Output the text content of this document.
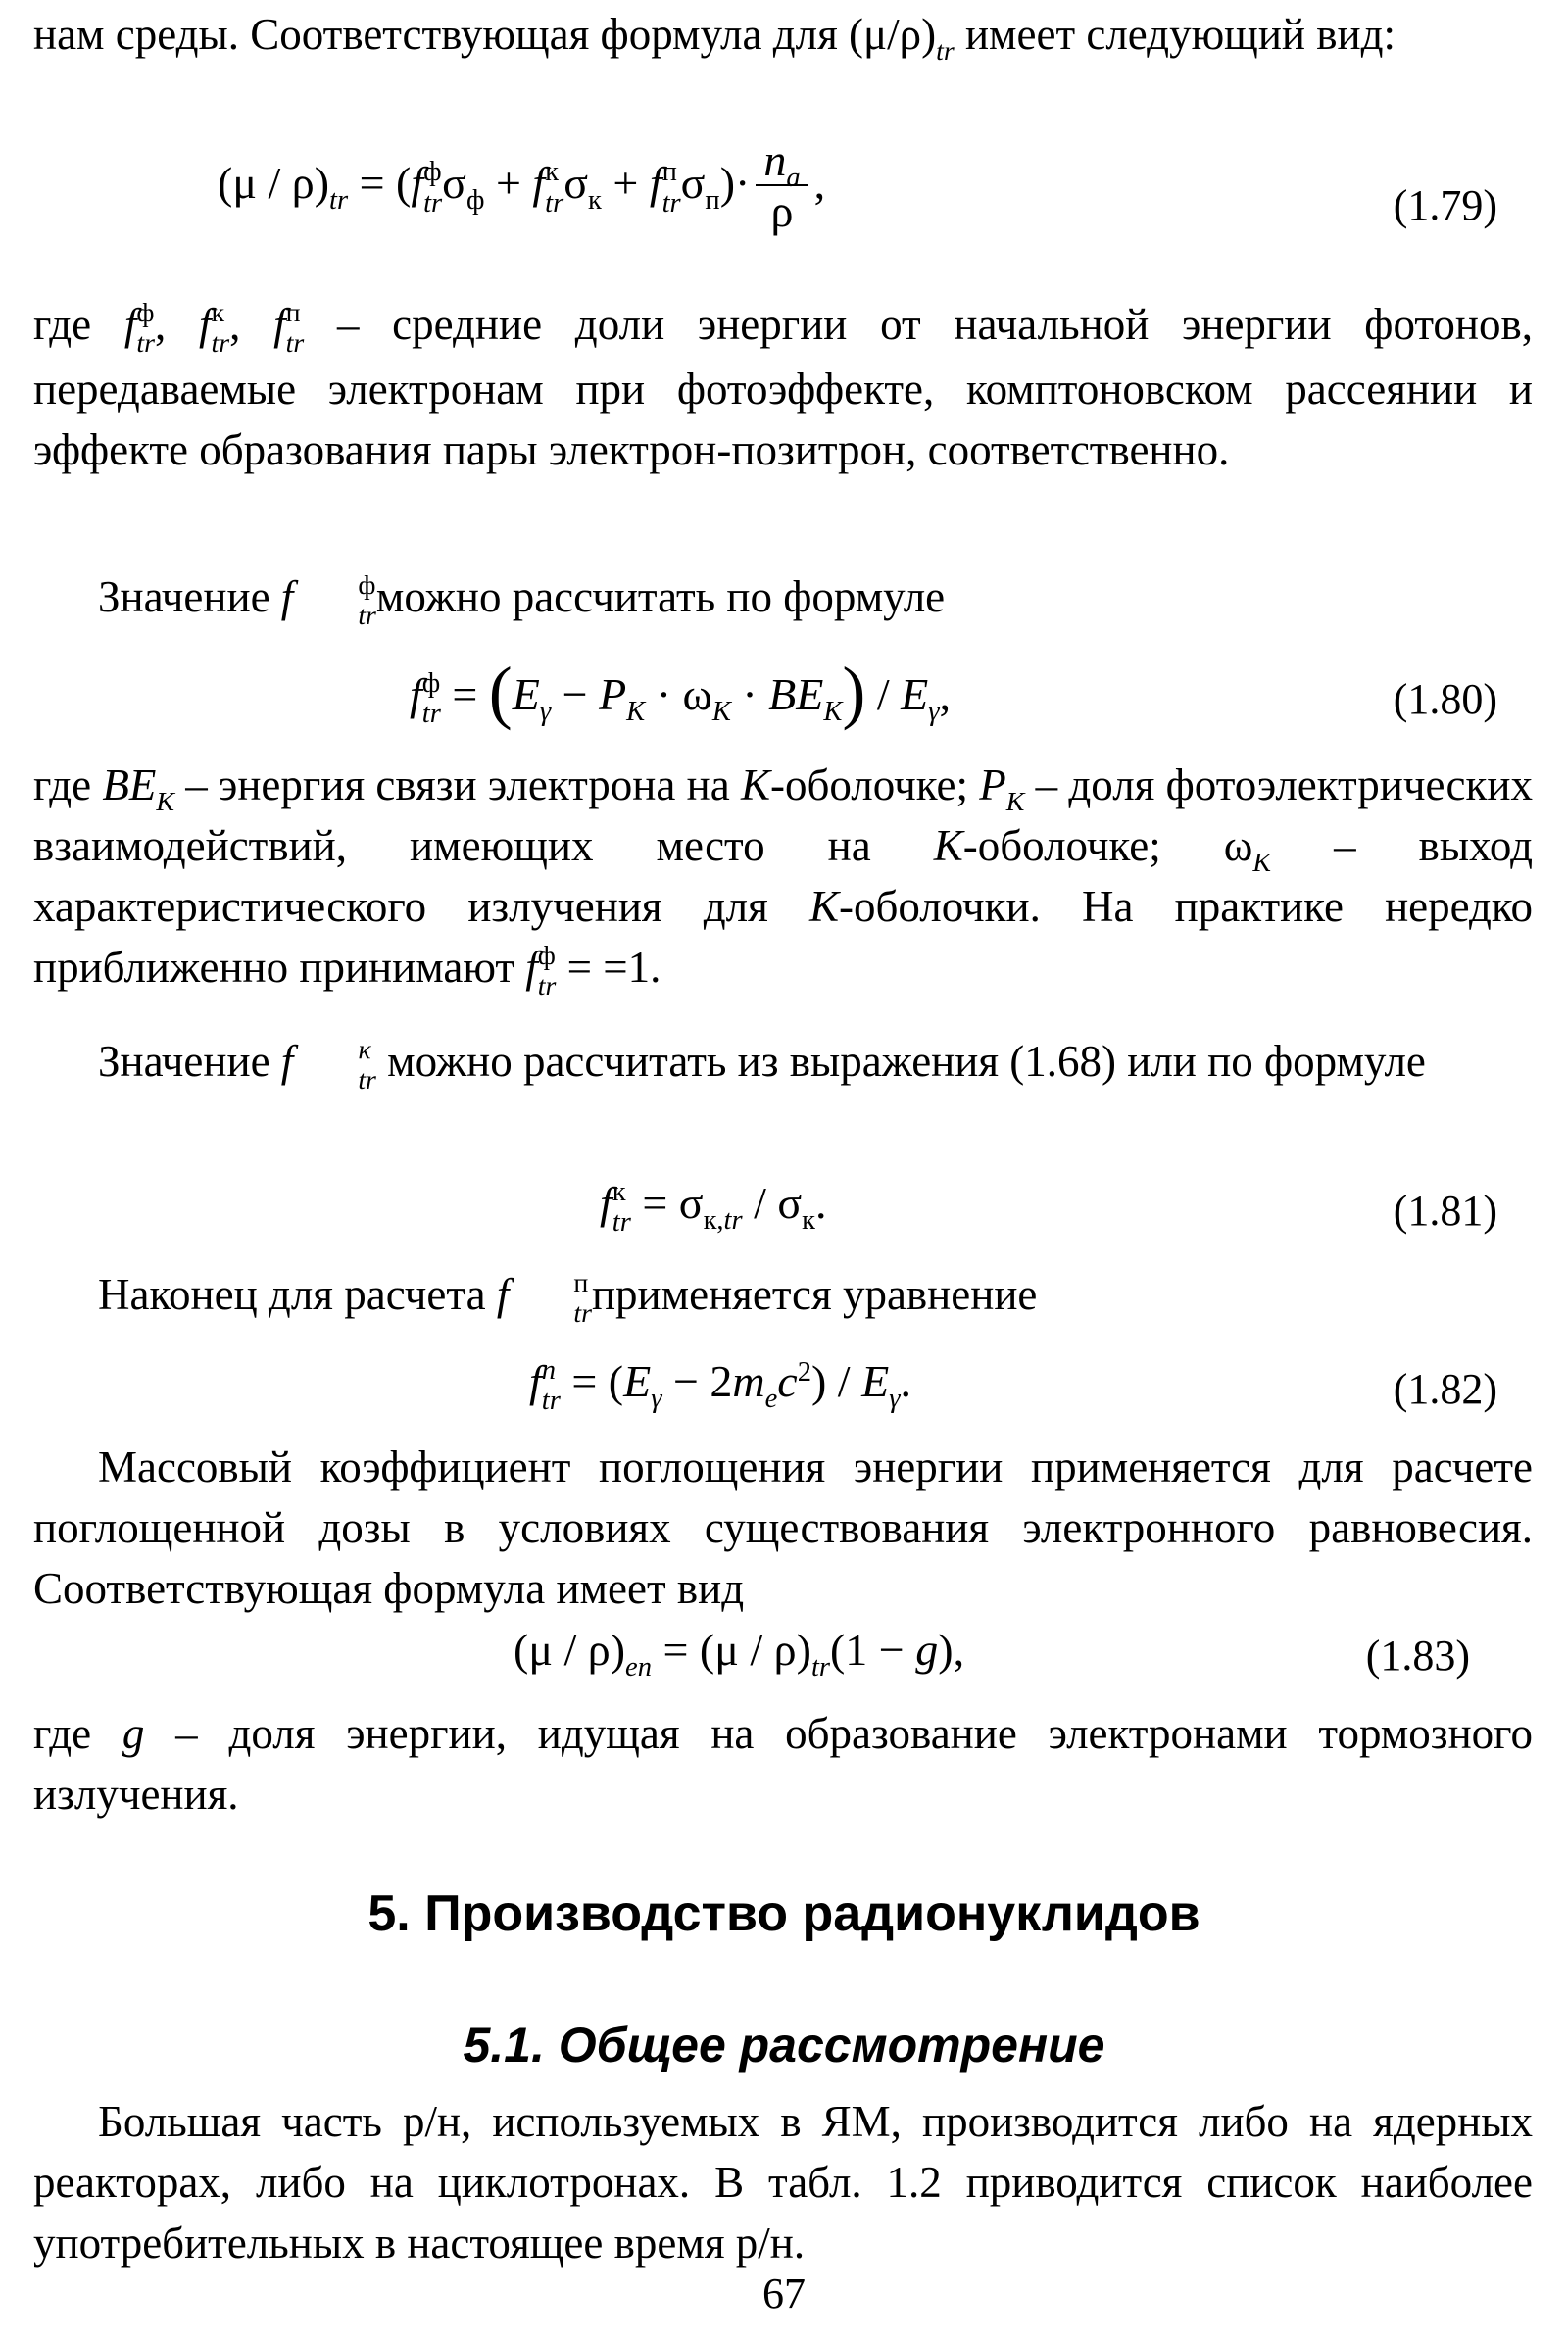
нам среды. Соответствующая формула для $(\mu/\rho)_{tr}$ имеет следующий вид:
$(\mu / \rho)_{tr} = (f$ ф
tr $\sigma_ф + f$ к
tr $\sigma_к + f$ п
tr $\sigma_п)\cdot \frac{n_a}{\rho}$ ,	(1.79)
где f ф
tr , f к
tr , f п
tr – средние доли энергии от начальной энергии фотонов, передаваемые электронам при фотоэффекте, комптоновском рассеянии и эффекте образования пары электрон-позитрон, соответственно.
Значение f	ф
tr можно рассчитать по формуле
f ф
tr = $(E_\gamma - P_K \cdot \omega_K \cdot BE_K) / E_\gamma$,	(1.80)
где $BE_K$ – энергия связи электрона на K-оболочке; $P_K$ – доля фотоэлектрических взаимодействий, имеющих место на K-оболочке; $\omega_K$ – выход характеристического излучения для K-оболочки. На практике нередко приближенно принимают f ф
tr = =1.
Значение f	κ
tr можно рассчитать из выражения (1.68) или по формуле
f к
tr = $\sigma_{к,tr} / \sigma_к$.	(1.81)
Наконец для расчета f	п
tr применяется уравнение
f n
tr = $(E_\gamma - 2m_ec^2) / E_\gamma$.	(1.82)
Массовый коэффициент поглощения энергии применяется для расчете поглощенной дозы в условиях существования электронного равновесия. Соответствующая формула имеет вид
$(\mu / \rho)_{en} = (\mu / \rho)_{tr}(1 - g)$,	(1.83)
где g – доля энергии, идущая на образование электронами тормозного излучения.
5. Производство радионуклидов
5.1. Общее рассмотрение
Большая часть р/н, используемых в ЯМ, производится либо на ядерных реакторах, либо на циклотронах. В табл. 1.2 приводится список наиболее употребительных в настоящее время р/н.
67
